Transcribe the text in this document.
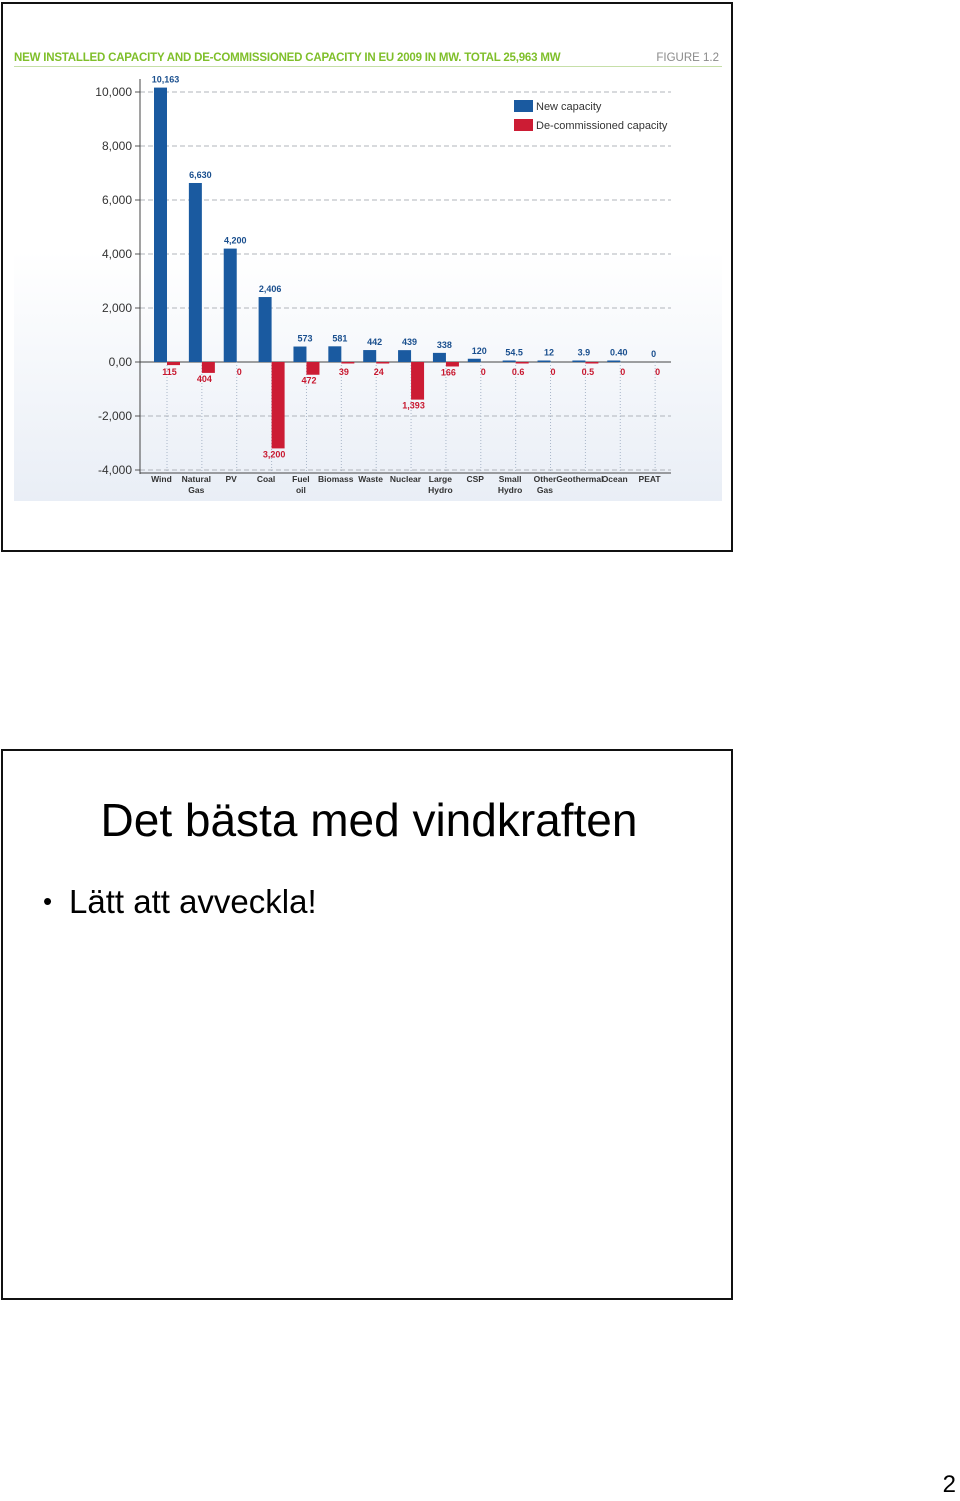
NEW INSTALLED CAPACITY AND DE-COMMISSIONED CAPACITY IN EU 2009 IN MW. TOTAL 25,963 MW	FIGURE 1.2
10,000
8,000
6,000
4,000
2,000
0,00
-2,000
-4,000
10,163
115
Wind
6,630
404
Natural
Gas
4,200
0
PV
2,406
3,200
Coal
573
472
Fuel
oil
581
39
Biomass
442
24
Waste
439
1,393
Nuclear
338
166
Large
Hydro
120
0
CSP
54.5
0.6
Small
Hydro
12
0
Other
Gas
3.9
0.5
Geothermal
0.40
0
Ocean
0
0
PEAT
New capacity
De-commissioned capacity
Det bästa med vindkraften
• Lätt att avveckla!
2
